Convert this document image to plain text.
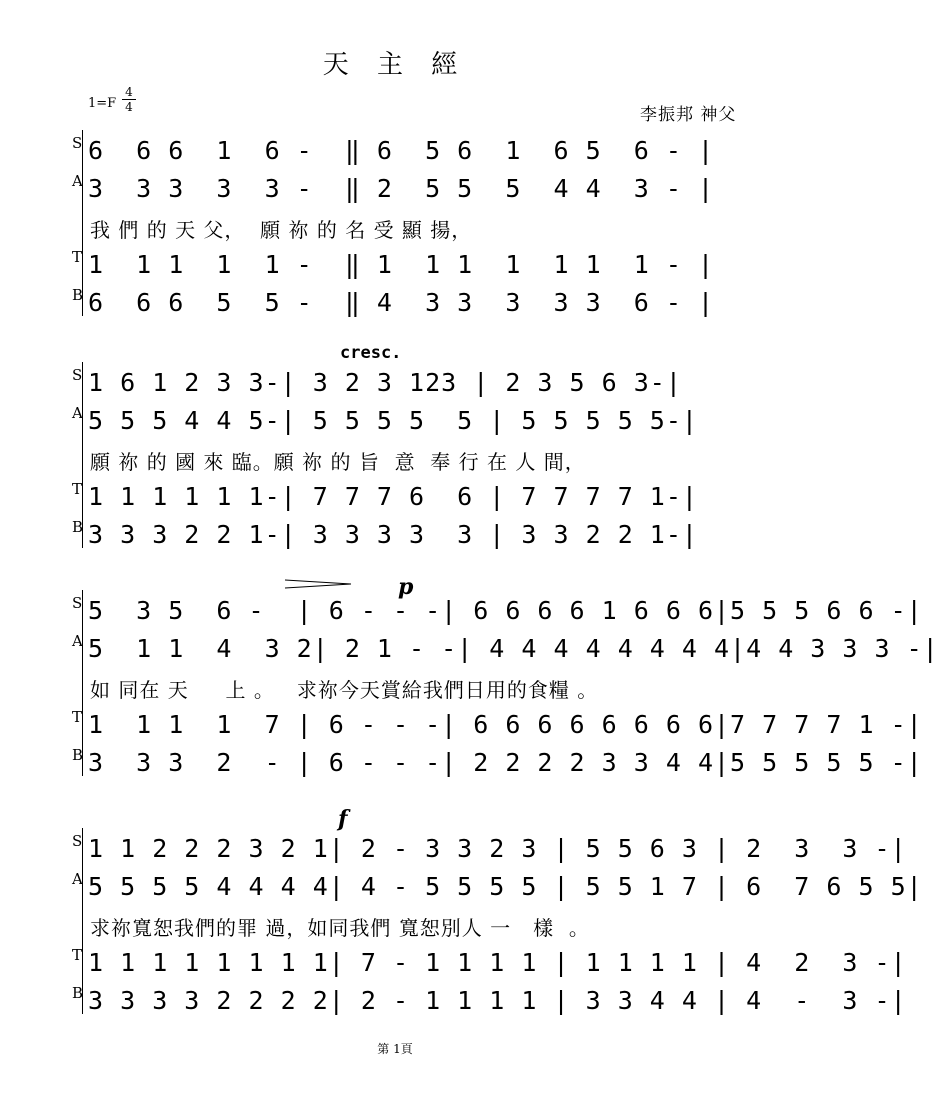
天 主 經
1=F
4
4	李振邦 神父
cresc.
p
f
S 6  6 6  1  6 -  ‖ 6  5 6  1  6 5  6 - |
A 3  3 3  3  3 -  ‖ 2  5 5  5  4 4  3 - |
我 們 的 天 父，  願 祢 的 名 受 顯 揚，
T 1  1 1  1  1 -  ‖ 1  1 1  1  1 1  1 - |
B 6  6 6  5  5 -  ‖ 4  3 3  3  3 3  6 - |
S 1 6 1 2 3 3-| 3 2 3 123 | 2 3 5 6 3-|
A 5 5 5 4 4 5-| 5 5 5 5  5 | 5 5 5 5 5-|
願 祢 的 國 來 臨。願 祢 的 旨  意  奉 行 在 人 間，
T 1 1 1 1 1 1-| 7 7 7 6  6 | 7 7 7 7 1-|
B 3 3 3 2 2 1-| 3 3 3 3  3 | 3 3 2 2 1-|
S 5  3 5  6 -  | 6 - - -| 6 6 6 6 1 6 6 6|5 5 5 6 6 -|
A 5  1 1  4  3 2| 2 1 - -| 4 4 4 4 4 4 4 4|4 4 3 3 3 -|
如 同在 天     上 。   求祢今天賞給我們日用的食糧 。
T 1  1 1  1  7 | 6 - - -| 6 6 6 6 6 6 6 6|7 7 7 7 1 -|
B 3  3 3  2  - | 6 - - -| 2 2 2 2 3 3 4 4|5 5 5 5 5 -|
S 1 1 2 2 2 3 2 1| 2 - 3 3 2 3 | 5 5 6 3 | 2  3  3 -|
A 5 5 5 5 4 4 4 4| 4 - 5 5 5 5 | 5 5 1 7 | 6  7 6 5 5|
求祢寬恕我們的罪 過，如同我們 寬恕別人 一   樣  。
T 1 1 1 1 1 1 1 1| 7 - 1 1 1 1 | 1 1 1 1 | 4  2  3 -|
B 3 3 3 3 2 2 2 2| 2 - 1 1 1 1 | 3 3 4 4 | 4  -  3 -|
第 1頁
